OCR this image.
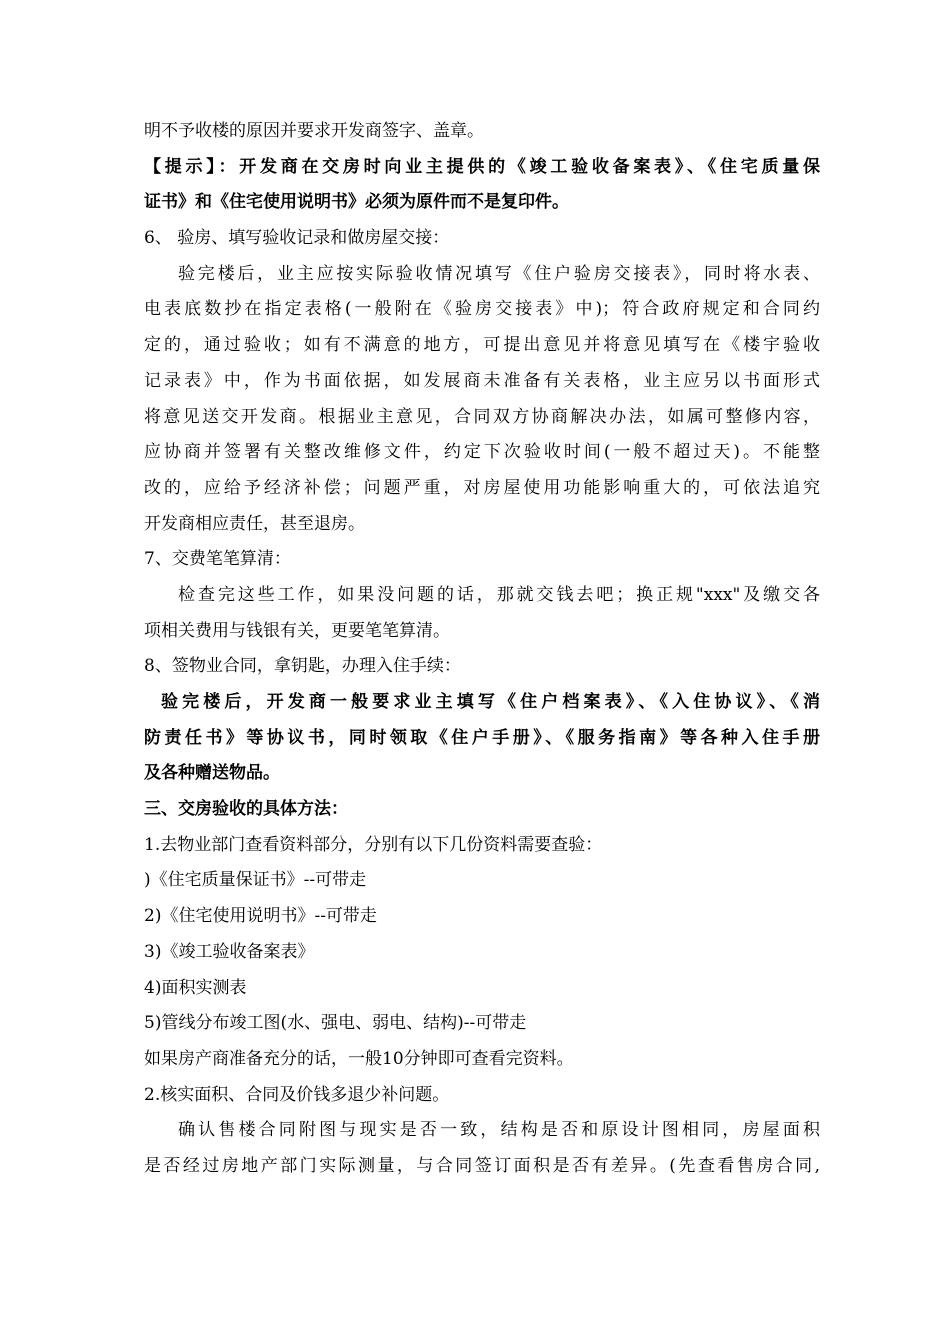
明不予收楼的原因并要求开发商签字、盖章。
【提示】：开发商在交房时向业主提供的《竣工验收备案表》、《住宅质量保
证书》和《住宅使用说明书》必须为原件而不是复印件。
6、 验房、填写验收记录和做房屋交接：
验完楼后，业主应按实际验收情况填写《住户验房交接表》，同时将水表、
电表底数抄在指定表格(一般附在《验房交接表》中)；符合政府规定和合同约
定的，通过验收；如有不满意的地方，可提出意见并将意见填写在《楼宇验收
记录表》中，作为书面依据，如发展商未准备有关表格，业主应另以书面形式
将意见送交开发商。根据业主意见，合同双方协商解决办法，如属可整修内容，
应协商并签署有关整改维修文件，约定下次验收时间(一般不超过天)。不能整
改的，应给予经济补偿；问题严重，对房屋使用功能影响重大的，可依法追究
开发商相应责任，甚至退房。
7、交费笔笔算清：
检查完这些工作，如果没问题的话，那就交钱去吧；换正规"xxx"及缴交各
项相关费用与钱银有关，更要笔笔算清。
8、签物业合同，拿钥匙，办理入住手续：
验完楼后，开发商一般要求业主填写《住户档案表》、《入住协议》、《消
防责任书》等协议书，同时领取《住户手册》、《服务指南》等各种入住手册
及各种赠送物品。
三、交房验收的具体方法：
1.去物业部门查看资料部分，分别有以下几份资料需要查验：
)《住宅质量保证书》--可带走
2)《住宅使用说明书》--可带走
3)《竣工验收备案表》
4)面积实测表
5)管线分布竣工图(水、强电、弱电、结构)--可带走
如果房产商准备充分的话，一般10分钟即可查看完资料。
2.核实面积、合同及价钱多退少补问题。
确认售楼合同附图与现实是否一致，结构是否和原设计图相同，房屋面积
是否经过房地产部门实际测量，与合同签订面积是否有差异。(先查看售房合同,
